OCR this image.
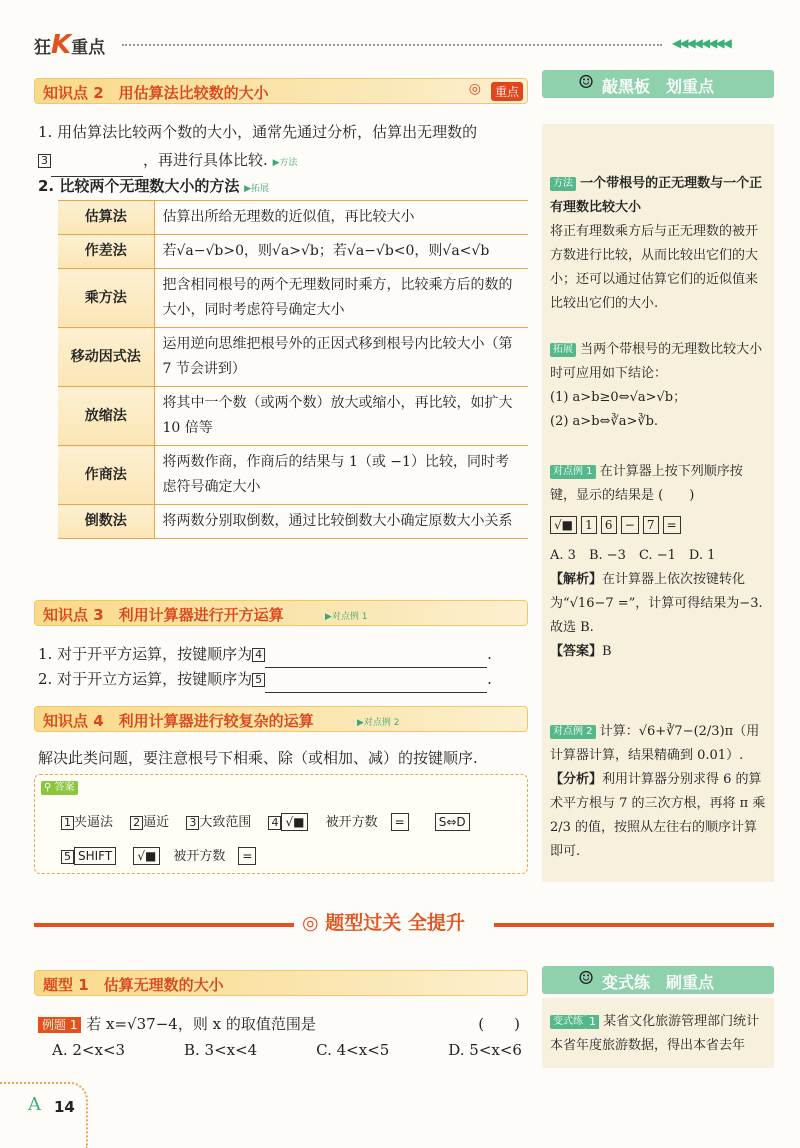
狂K重点	◀◀◀◀◀◀◀◀
知识点 2　用估算法比较数的大小	◎	重点
1. 用估算法比较两个数的大小，通常先通过分析，估算出无理数的
3	，再进行具体比较. ▶方法
2. 比较两个无理数大小的方法 ▶拓展
估算法	估算出所给无理数的近似值，再比较大小
作差法	若√a−√b>0，则√a>√b；若√a−√b<0，则√a<√b
乘方法	把含相同根号的两个无理数同时乘方，比较乘方后的数的大小，同时考虑符号确定大小
移动因式法	运用逆向思维把根号外的正因式移到根号内比较大小（第 7 节会讲到）
放缩法	将其中一个数（或两个数）放大或缩小，再比较，如扩大 10 倍等
作商法	将两数作商，作商后的结果与 1（或 −1）比较，同时考虑符号确定大小
倒数法	将两数分别取倒数，通过比较倒数大小确定原数大小关系
知识点 3　利用计算器进行开方运算	▶对点例 1
1. 对于开平方运算，按键顺序为 4	.
2. 对于开立方运算，按键顺序为 5	.
知识点 4　利用计算器进行较复杂的运算	▶对点例 2
解决此类问题，要注意根号下相乘、除（或相加、减）的按键顺序.
⚲ 答案
1 夹逼法　 2 逼近　 3 大致范围　 4 √■　 被开方数　 =　　	S⇔D
5 SHIFT　 √■　 被开方数　 =
☺ 敲黑板　划重点
方法 一个带根号的正无理数与一个正有理数比较大小
将正有理数乘方后与正无理数的被开方数进行比较，从而比较出它们的大小；还可以通过估算它们的近似值来比较出它们的大小.
拓展 当两个带根号的无理数比较大小时可应用如下结论：
(1) a>b≥0⇔√a>√b；
(2) a>b⇔∛a>∛b.
对点例 1 在计算器上按下列顺序按键，显示的结果是 (　　)
√■ 1 6 − 7 =
A. 3　 B. −3　 C. −1　 D. 1
【解析】在计算器上依次按键转化为“√16−7 =”，计算可得结果为−3. 故选 B.
【答案】B
对点例 2 计算：√6+∛7−(2/3)π（用计算器计算，结果精确到 0.01）.
【分析】利用计算器分别求得 6 的算术平方根与 7 的三次方根，再将 π 乘 2/3 的值，按照从左往右的顺序计算即可.
◎ 题型过关 全提升
题型 1　估算无理数的大小
例题 1 若 x=√37−4，则 x 的取值范围是	(　　)
A. 2<x<3	B. 3<x<4	C. 4<x<5	D. 5<x<6
☺ 变式练　刷重点
变式练 1 某省文化旅游管理部门统计本省年度旅游数据，得出本省去年
A 14
